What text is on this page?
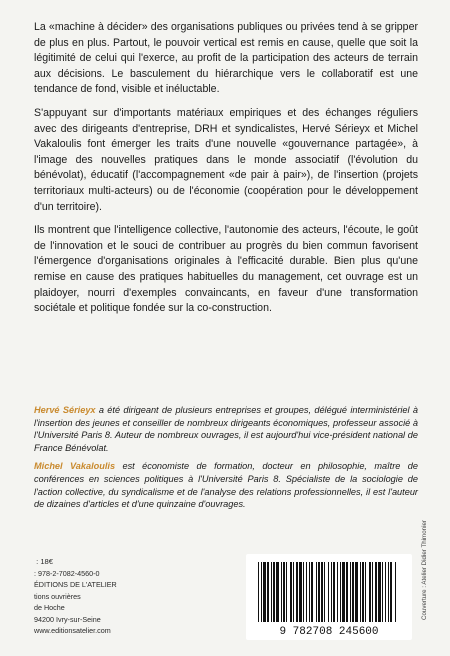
La «machine à décider» des organisations publiques ou privées tend à se gripper de plus en plus. Partout, le pouvoir vertical est remis en cause, quelle que soit la légitimité de celui qui l'exerce, au profit de la participation des acteurs de terrain aux décisions. Le basculement du hiérarchique vers le collaboratif est une tendance de fond, visible et inéluctable.

S'appuyant sur d'importants matériaux empiriques et des échanges réguliers avec des dirigeants d'entreprise, DRH et syndicalistes, Hervé Sérieyx et Michel Vakaloulis font émerger les traits d'une nouvelle «gouvernance partagée», à l'image des nouvelles pratiques dans le monde associatif (l'évolution du bénévolat), éducatif (l'accompagnement «de pair à pair»), de l'insertion (projets territoriaux multi-acteurs) ou de l'économie (coopération pour le développement d'un territoire).

Ils montrent que l'intelligence collective, l'autonomie des acteurs, l'écoute, le goût de l'innovation et le souci de contribuer au progrès du bien commun favorisent l'émergence d'organisations originales à l'efficacité durable. Bien plus qu'une remise en cause des pratiques habituelles du management, cet ouvrage est un plaidoyer, nourri d'exemples convaincants, en faveur d'une transformation sociétale et politique fondée sur la co-construction.

Hervé Sérieyx a été dirigeant de plusieurs entreprises et groupes, délégué interministériel à l'insertion des jeunes et conseiller de nombreux dirigeants économiques, professeur associé à l'Université Paris 8. Auteur de nombreux ouvrages, il est aujourd'hui vice-président national de France Bénévolat.

Michel Vakaloulis est économiste de formation, docteur en philosophie, maître de conférences en sciences politiques à l'Université Paris 8. Spécialiste de la sociologie de l'action collective, du syndicalisme et de l'analyse des relations professionnelles, il est l'auteur de dizaines d'articles et d'une quinzaine d'ouvrages.

: 18€
: 978-2-7082-4560-0
ÉDITIONS DE L'ATELIER
tions ouvrières
de Hoche
94200 Ivry-sur-Seine
www.editionsatelier.com	9 782708 245600
Couverture : Atelier Didier Thimonier
